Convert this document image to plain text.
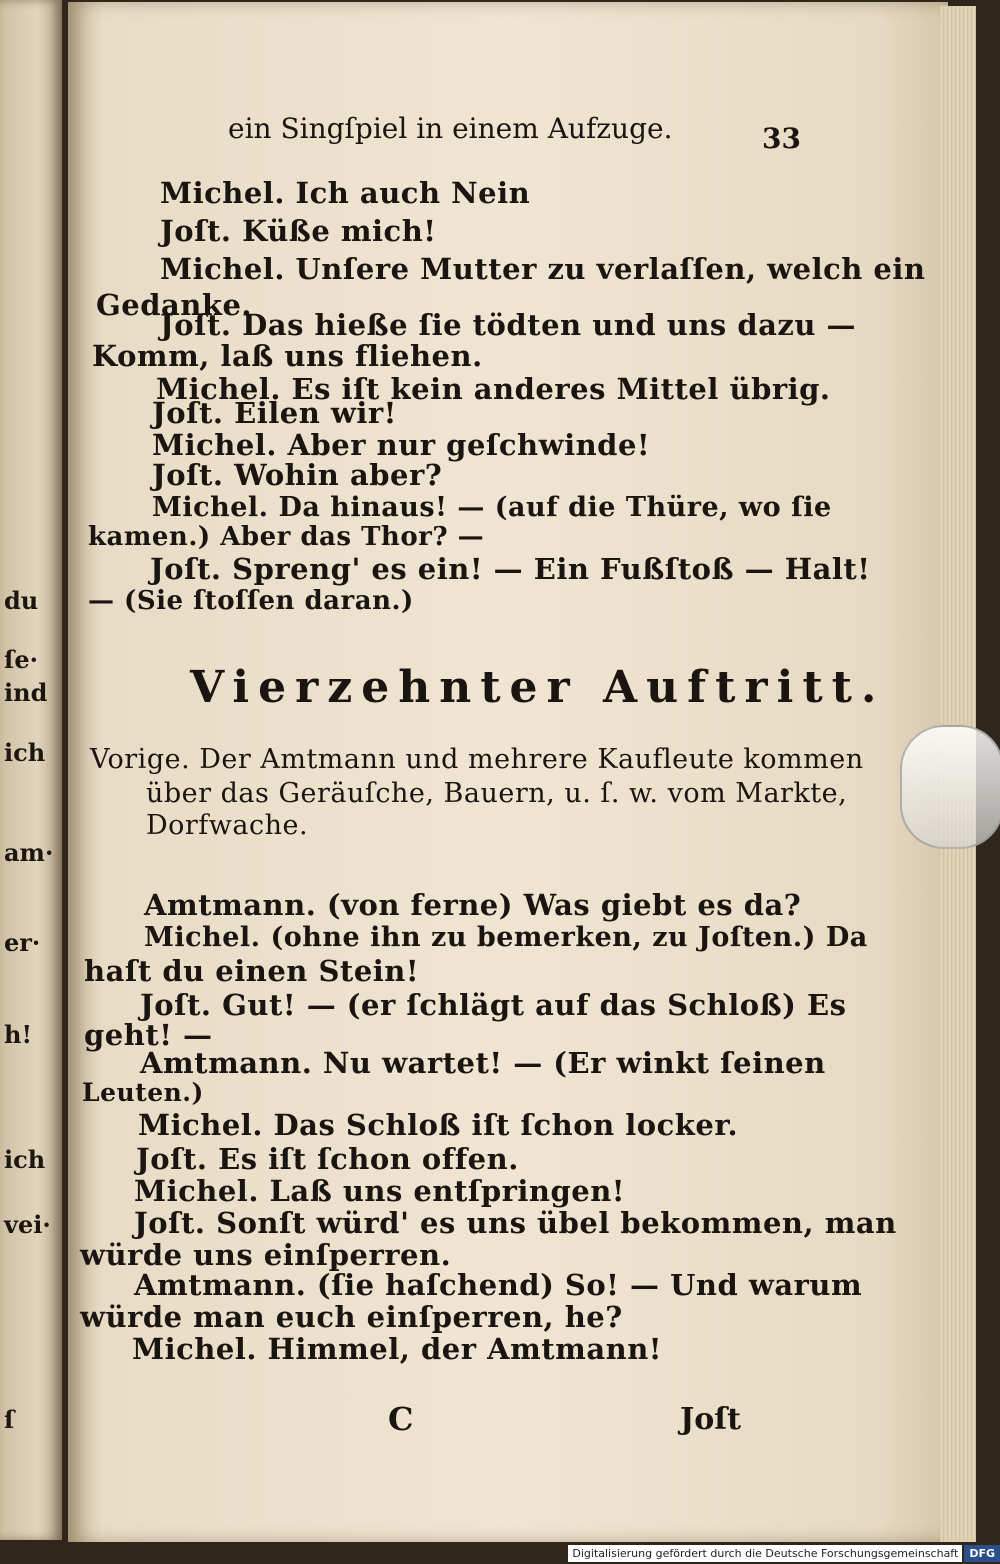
du
ſe·
ind
ich
am·
er·
h!
ich
vei·
ſ
ein Singſpiel in einem Aufzuge.	33
Michel. Ich auch Nein
Joſt. Küße mich!
Michel. Unſere Mutter zu verlaſſen, welch ein
Gedanke.
Joſt. Das hieße ſie tödten und uns dazu —
Komm, laß uns fliehen.
Michel. Es iſt kein anderes Mittel übrig.
Joſt. Eilen wir!
Michel. Aber nur geſchwinde!
Joſt. Wohin aber?
Michel. Da hinaus! — (auf die Thüre, wo ſie
kamen.) Aber das Thor? —
Joſt. Spreng' es ein! — Ein Fußſtoß — Halt!
— (Sie ſtoſſen daran.)
Vierzehnter Auftritt.
Vorige. Der Amtmann und mehrere Kaufleute kommen
über das Geräuſche, Bauern, u. ſ. w. vom Markte,
Dorfwache.
Amtmann. (von ferne) Was giebt es da?
Michel. (ohne ihn zu bemerken, zu Joſten.) Da
haſt du einen Stein!
Joſt. Gut! — (er ſchlägt auf das Schloß) Es
geht! —
Amtmann. Nu wartet! — (Er winkt ſeinen
Leuten.)
Michel. Das Schloß iſt ſchon locker.
Joſt. Es iſt ſchon offen.
Michel. Laß uns entſpringen!
Joſt. Sonſt würd' es uns übel bekommen, man
würde uns einſperren.
Amtmann. (ſie haſchend) So! — Und warum
würde man euch einſperren, he?
Michel. Himmel, der Amtmann!
C	Joſt
Digitalisierung gefördert durch die Deutsche Forschungsgemeinschaft	DFG
